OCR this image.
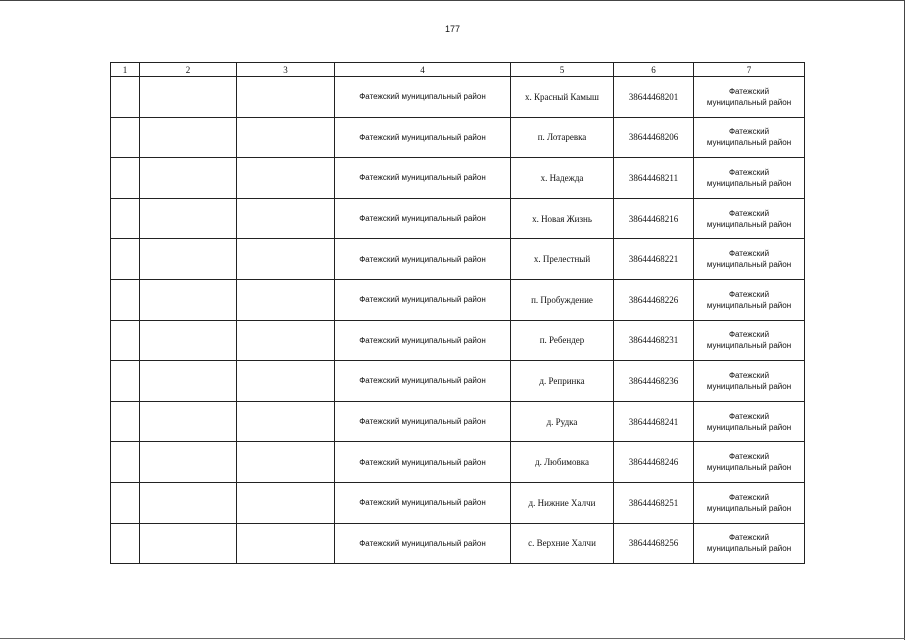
177
1	2	3	4	5	6	7
			Фатежский муниципальный район	х. Красный Камыш	38644468201	Фатежский
муниципальный район

			Фатежский муниципальный район	п. Лотаревка	38644468206	Фатежский
муниципальный район

			Фатежский муниципальный район	х. Надежда	38644468211	Фатежский
муниципальный район

			Фатежский муниципальный район	х. Новая Жизнь	38644468216	Фатежский
муниципальный район

			Фатежский муниципальный район	х. Прелестный	38644468221	Фатежский
муниципальный район

			Фатежский муниципальный район	п. Пробуждение	38644468226	Фатежский
муниципальный район

			Фатежский муниципальный район	п. Ребендер	38644468231	Фатежский
муниципальный район

			Фатежский муниципальный район	д. Репринка	38644468236	Фатежский
муниципальный район

			Фатежский муниципальный район	д. Рудка	38644468241	Фатежский
муниципальный район

			Фатежский муниципальный район	д. Любимовка	38644468246	Фатежский
муниципальный район

			Фатежский муниципальный район	д. Нижние Халчи	38644468251	Фатежский
муниципальный район

			Фатежский муниципальный район	с. Верхние Халчи	38644468256	Фатежский
муниципальный район
